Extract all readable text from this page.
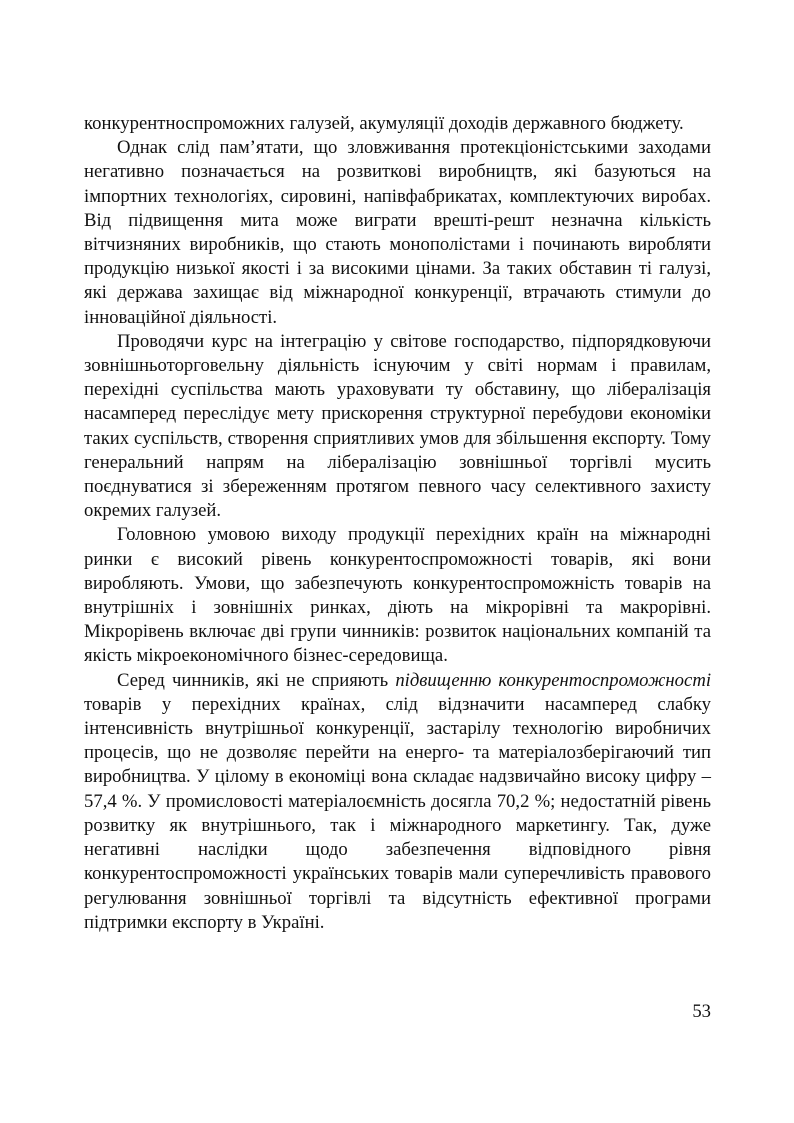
конкурентноспроможних галузей, акумуляції доходів державного бюджету.

Однак слід пам’ятати, що зловживання протекціоністськими заходами негативно позначається на розвиткові виробництв, які базуються на імпортних технологіях, сировині, напівфабрикатах, комплектуючих виробах. Від підвищення мита може виграти врешті-решт незначна кількість вітчизняних виробників, що стають монополістами і починають виробляти продукцію низької якості і за високими цінами. За таких обставин ті галузі, які держава захищає від міжнародної конкуренції, втрачають стимули до інноваційної діяльності.

Проводячи курс на інтеграцію у світове господарство, підпорядковуючи зовнішньоторговельну діяльність існуючим у світі нормам і правилам, перехідні суспільства мають ураховувати ту обставину, що лібералізація насамперед переслідує мету прискорення структурної перебудови економіки таких суспільств, створення сприятливих умов для збільшення експорту. Тому генеральний напрям на лібералізацію зовнішньої торгівлі мусить поєднуватися зі збереженням протягом певного часу селективного захисту окремих галузей.

Головною умовою виходу продукції перехідних країн на міжнародні ринки є високий рівень конкурентоспроможності товарів, які вони виробляють. Умови, що забезпечують конкурентоспроможність товарів на внутрішніх і зовнішніх ринках, діють на мікрорівні та макрорівні. Мікрорівень включає дві групи чинників: розвиток національних компаній та якість мікроекономічного бізнес-середовища.

Серед чинників, які не сприяють підвищенню конкурентоспроможності товарів у перехідних країнах, слід відзначити насамперед слабку інтенсивність внутрішньої конкуренції, застарілу технологію виробничих процесів, що не дозволяє перейти на енерго- та матеріалозберігаючий тип виробництва. У цілому в економіці вона складає надзвичайно високу цифру – 57,4 %. У промисловості матеріалоємність досягла 70,2 %; недостатній рівень розвитку як внутрішнього, так і міжнародного маркетингу. Так, дуже негативні наслідки щодо забезпечення відповідного рівня конкурентоспроможності українських товарів мали суперечливість правового регулювання зовнішньої торгівлі та відсутність ефективної програми підтримки експорту в Україні.

53
